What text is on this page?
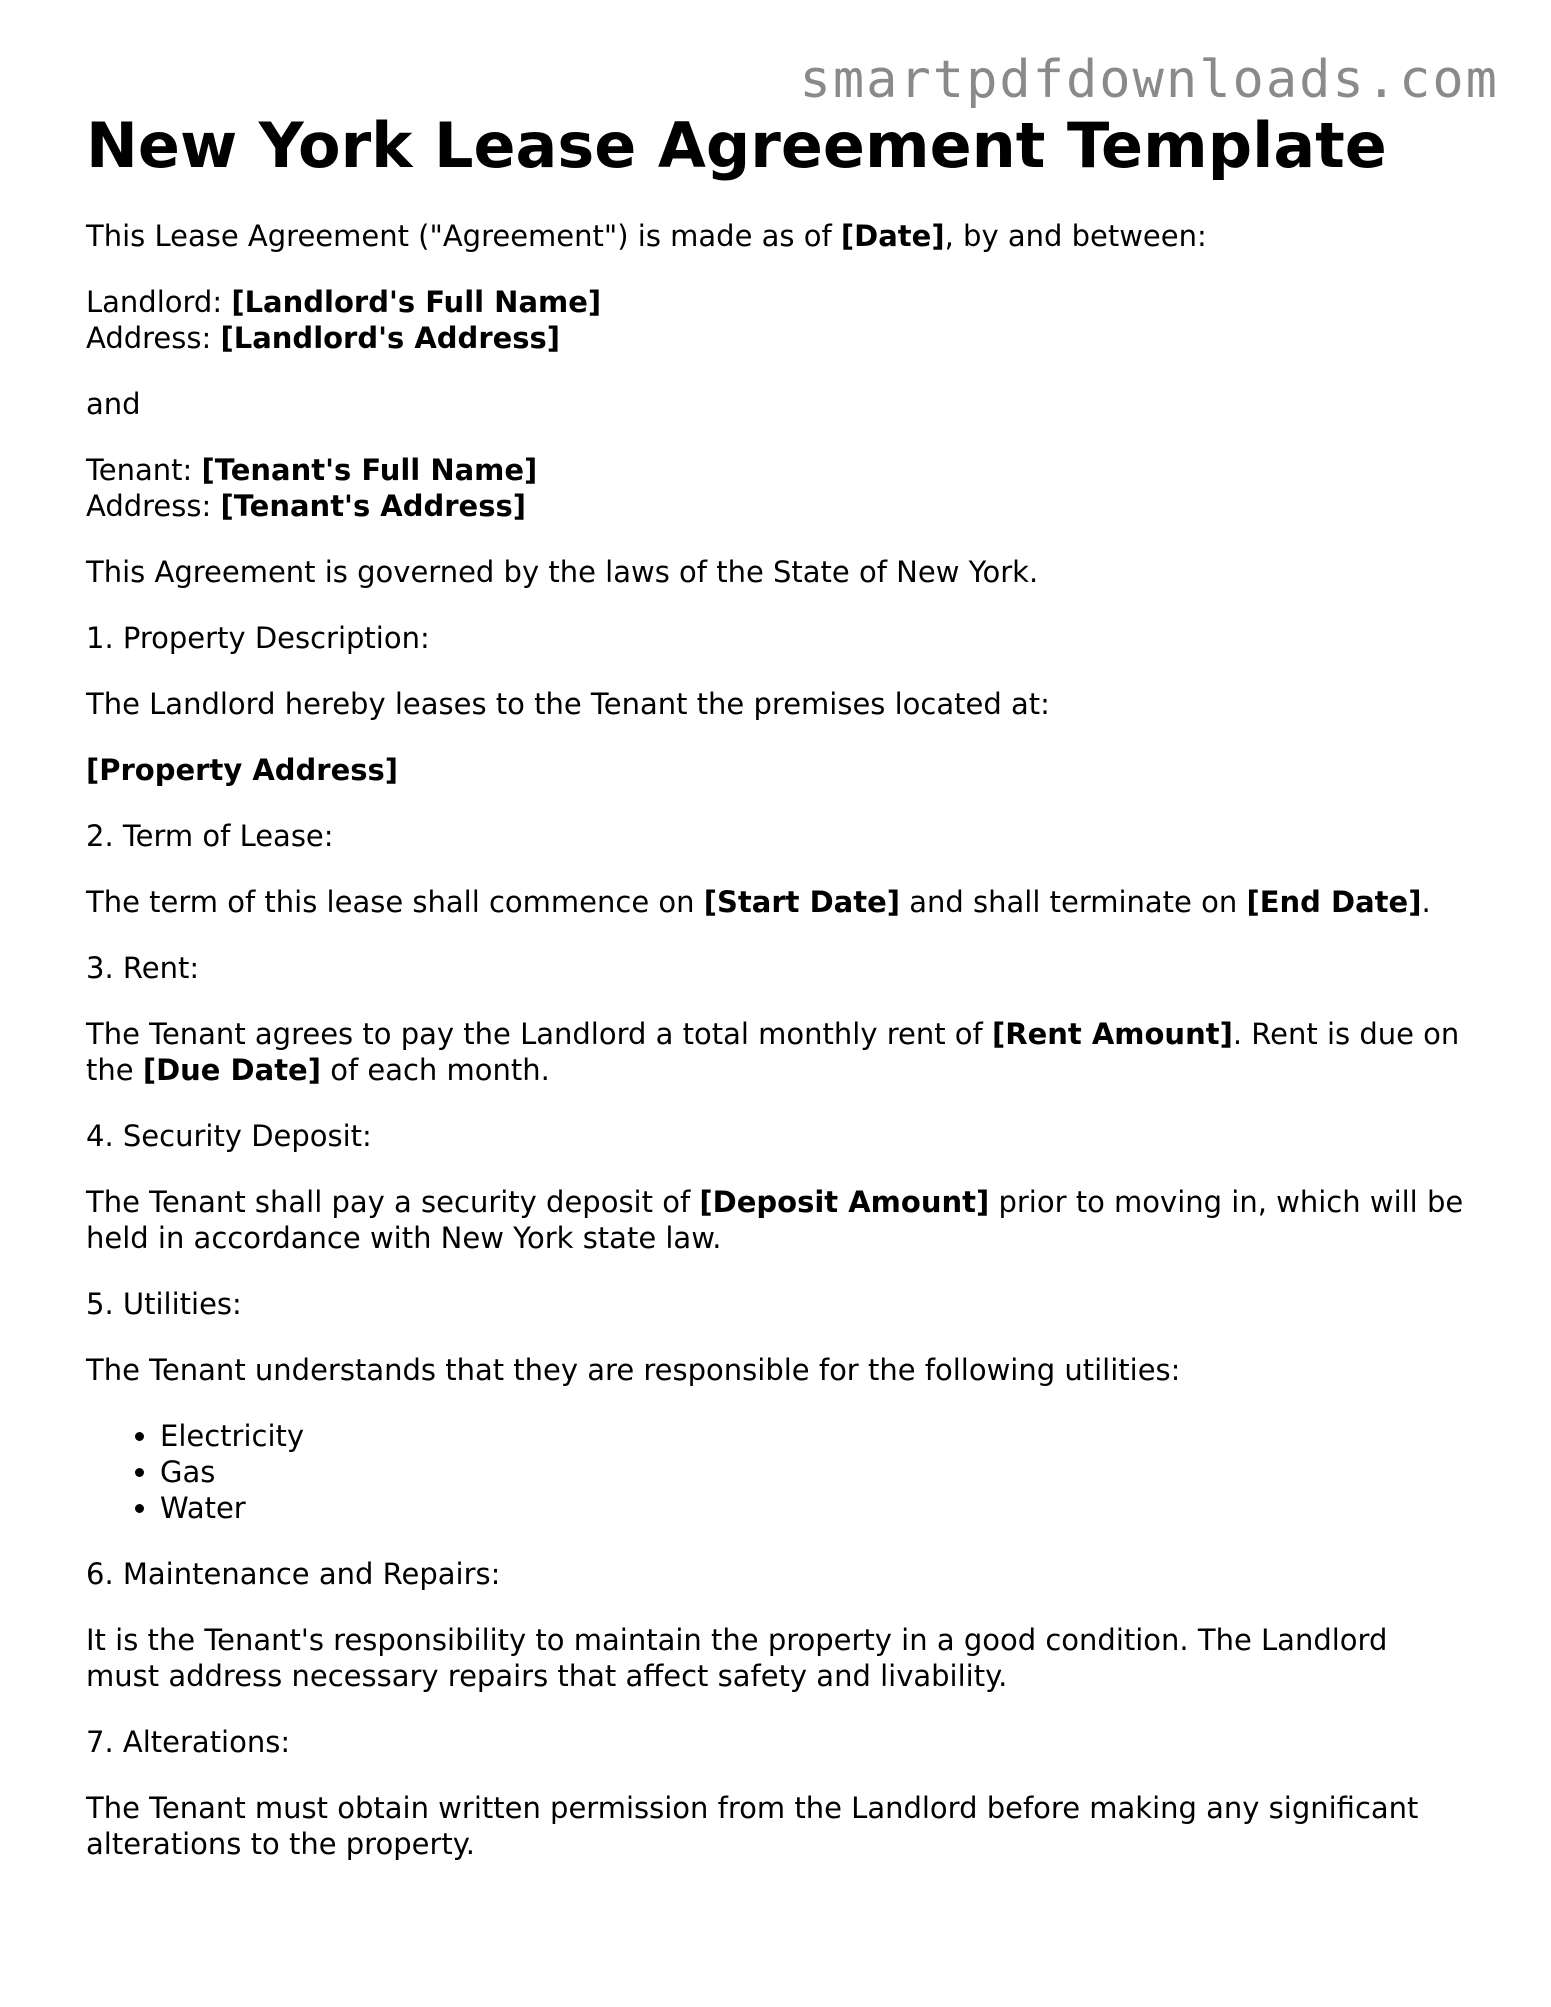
smartpdfdownloads.com
New York Lease Agreement Template

This Lease Agreement ("Agreement") is made as of [Date], by and between:

Landlord: [Landlord's Full Name]
Address: [Landlord's Address]

and

Tenant: [Tenant's Full Name]
Address: [Tenant's Address]

This Agreement is governed by the laws of the State of New York.

1. Property Description:

The Landlord hereby leases to the Tenant the premises located at:

[Property Address]

2. Term of Lease:

The term of this lease shall commence on [Start Date] and shall terminate on [End Date].

3. Rent:

The Tenant agrees to pay the Landlord a total monthly rent of [Rent Amount]. Rent is due on the [Due Date] of each month.

4. Security Deposit:

The Tenant shall pay a security deposit of [Deposit Amount] prior to moving in, which will be held in accordance with New York state law.

5. Utilities:

The Tenant understands that they are responsible for the following utilities:

• Electricity
• Gas
• Water

6. Maintenance and Repairs:

It is the Tenant's responsibility to maintain the property in a good condition. The Landlord must address necessary repairs that affect safety and livability.

7. Alterations:

The Tenant must obtain written permission from the Landlord before making any significant alterations to the property.
